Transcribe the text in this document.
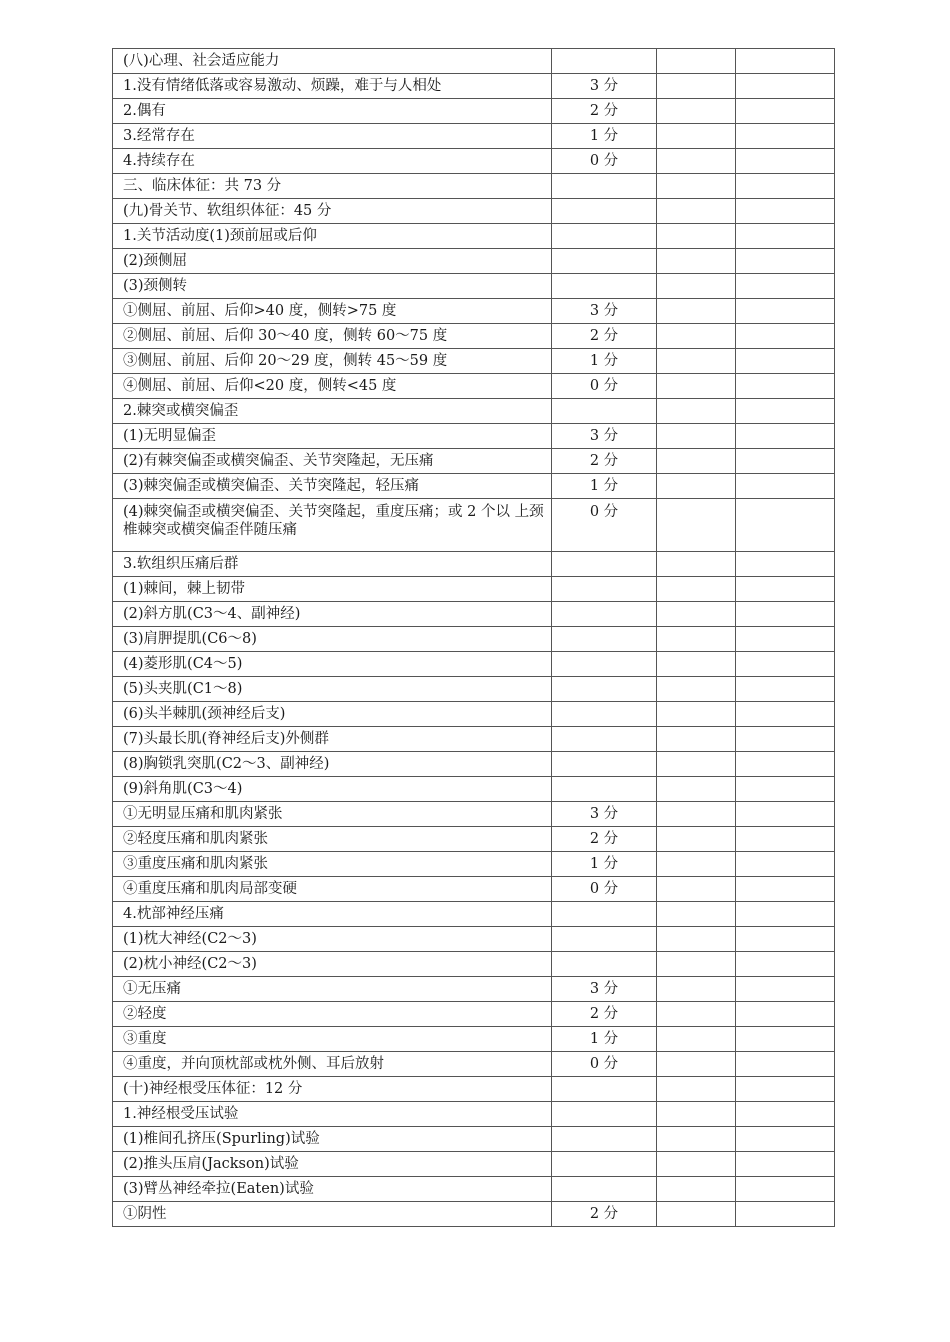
(八)心理、社会适应能力			
1.没有情绪低落或容易激动、烦躁，难于与人相处	3 分		
2.偶有	2 分		
3.经常存在	1 分		
4.持续存在	0 分		
三、临床体征：共 73 分			
(九)骨关节、软组织体征：45 分			
1.关节活动度(1)颈前屈或后仰			
(2)颈侧屈			
(3)颈侧转			
①侧屈、前屈、后仰>40 度，侧转>75 度	3 分		
②侧屈、前屈、后仰 30～40 度，侧转 60～75 度	2 分		
③侧屈、前屈、后仰 20～29 度，侧转 45～59 度	1 分		
④侧屈、前屈、后仰<20 度，侧转<45 度	0 分		
2.棘突或横突偏歪			
(1)无明显偏歪	3 分		
(2)有棘突偏歪或横突偏歪、关节突隆起，无压痛	2 分		
(3)棘突偏歪或横突偏歪、关节突隆起，轻压痛	1 分		
(4)棘突偏歪或横突偏歪、关节突隆起，重度压痛；或 2 个以 上颈椎棘突或横突偏歪伴随压痛	0 分		
3.软组织压痛后群			
(1)棘间，棘上韧带			
(2)斜方肌(C3～4、副神经)			
(3)肩胛提肌(C6～8)			
(4)菱形肌(C4～5)			
(5)头夹肌(C1～8)			
(6)头半棘肌(颈神经后支)			
(7)头最长肌(脊神经后支)外侧群			
(8)胸锁乳突肌(C2～3、副神经)			
(9)斜角肌(C3～4)			
①无明显压痛和肌肉紧张	3 分		
②轻度压痛和肌肉紧张	2 分		
③重度压痛和肌肉紧张	1 分		
④重度压痛和肌肉局部变硬	0 分		
4.枕部神经压痛			
(1)枕大神经(C2～3)			
(2)枕小神经(C2～3)			
①无压痛	3 分		
②轻度	2 分		
③重度	1 分		
④重度，并向顶枕部或枕外侧、耳后放射	0 分		
(十)神经根受压体征：12 分			
1.神经根受压试验			
(1)椎间孔挤压(Spurling)试验			
(2)推头压肩(Jackson)试验			
(3)臂丛神经牵拉(Eaten)试验			
①阴性	2 分		
